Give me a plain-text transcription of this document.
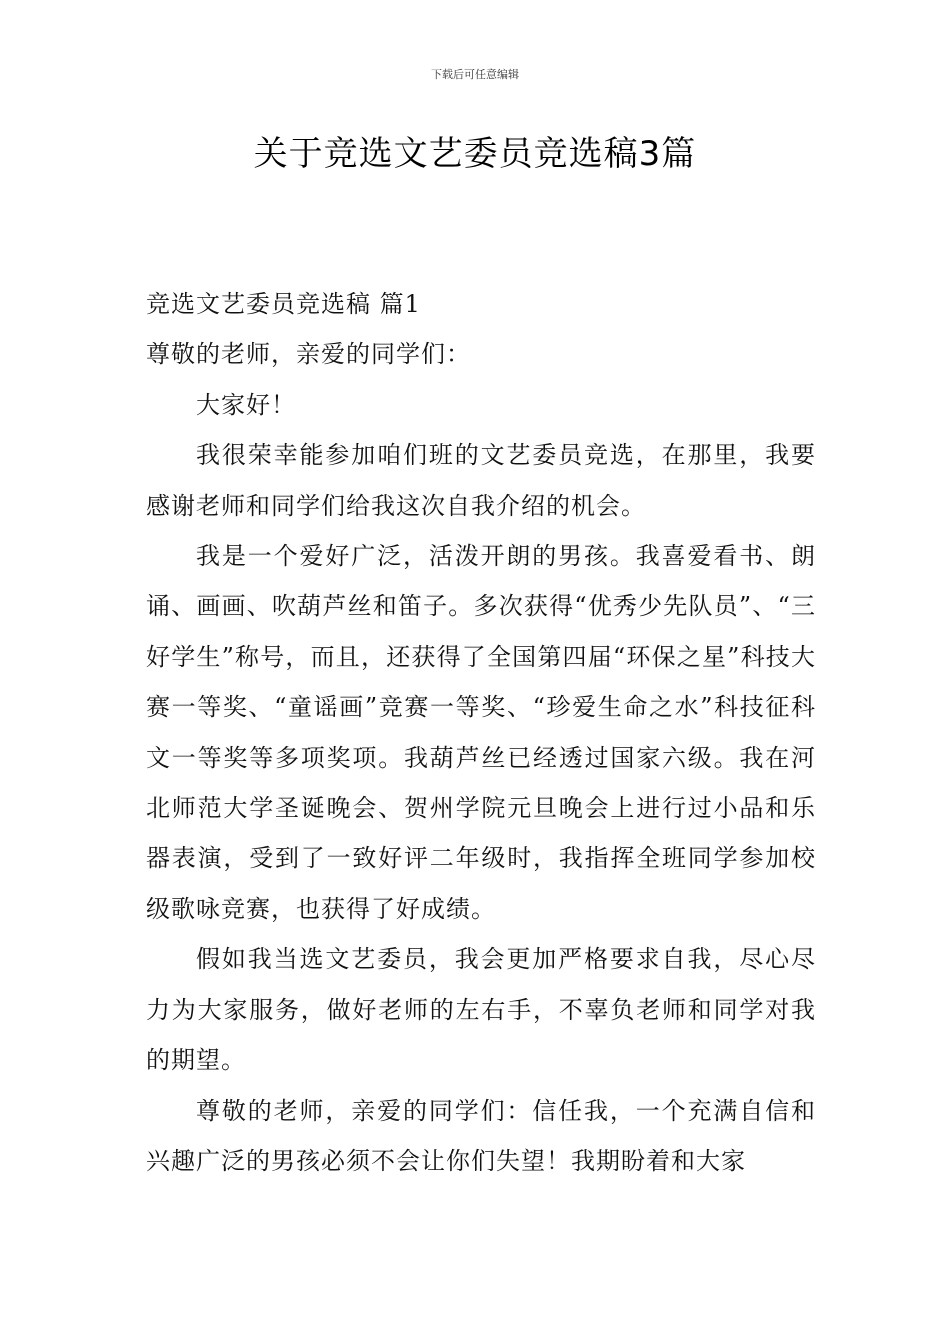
下载后可任意编辑
关于竞选文艺委员竞选稿3篇
竞选文艺委员竞选稿 篇1
尊敬的老师，亲爱的同学们：
大家好！
我很荣幸能参加咱们班的文艺委员竞选，在那里，我要感谢老师和同学们给我这次自我介绍的机会。
我是一个爱好广泛，活泼开朗的男孩。我喜爱看书、朗诵、画画、吹葫芦丝和笛子。多次获得“优秀少先队员”、“三好学生”称号，而且，还获得了全国第四届“环保之星”科技大赛一等奖、“童谣画”竞赛一等奖、“珍爱生命之水”科技征科文一等奖等多项奖项。我葫芦丝已经透过国家六级。我在河北师范大学圣诞晚会、贺州学院元旦晚会上进行过小品和乐器表演，受到了一致好评二年级时，我指挥全班同学参加校级歌咏竞赛，也获得了好成绩。
假如我当选文艺委员，我会更加严格要求自我，尽心尽力为大家服务，做好老师的左右手，不辜负老师和同学对我的期望。
尊敬的老师，亲爱的同学们：信任我，一个充满自信和兴趣广泛的男孩必须不会让你们失望！我期盼着和大家
